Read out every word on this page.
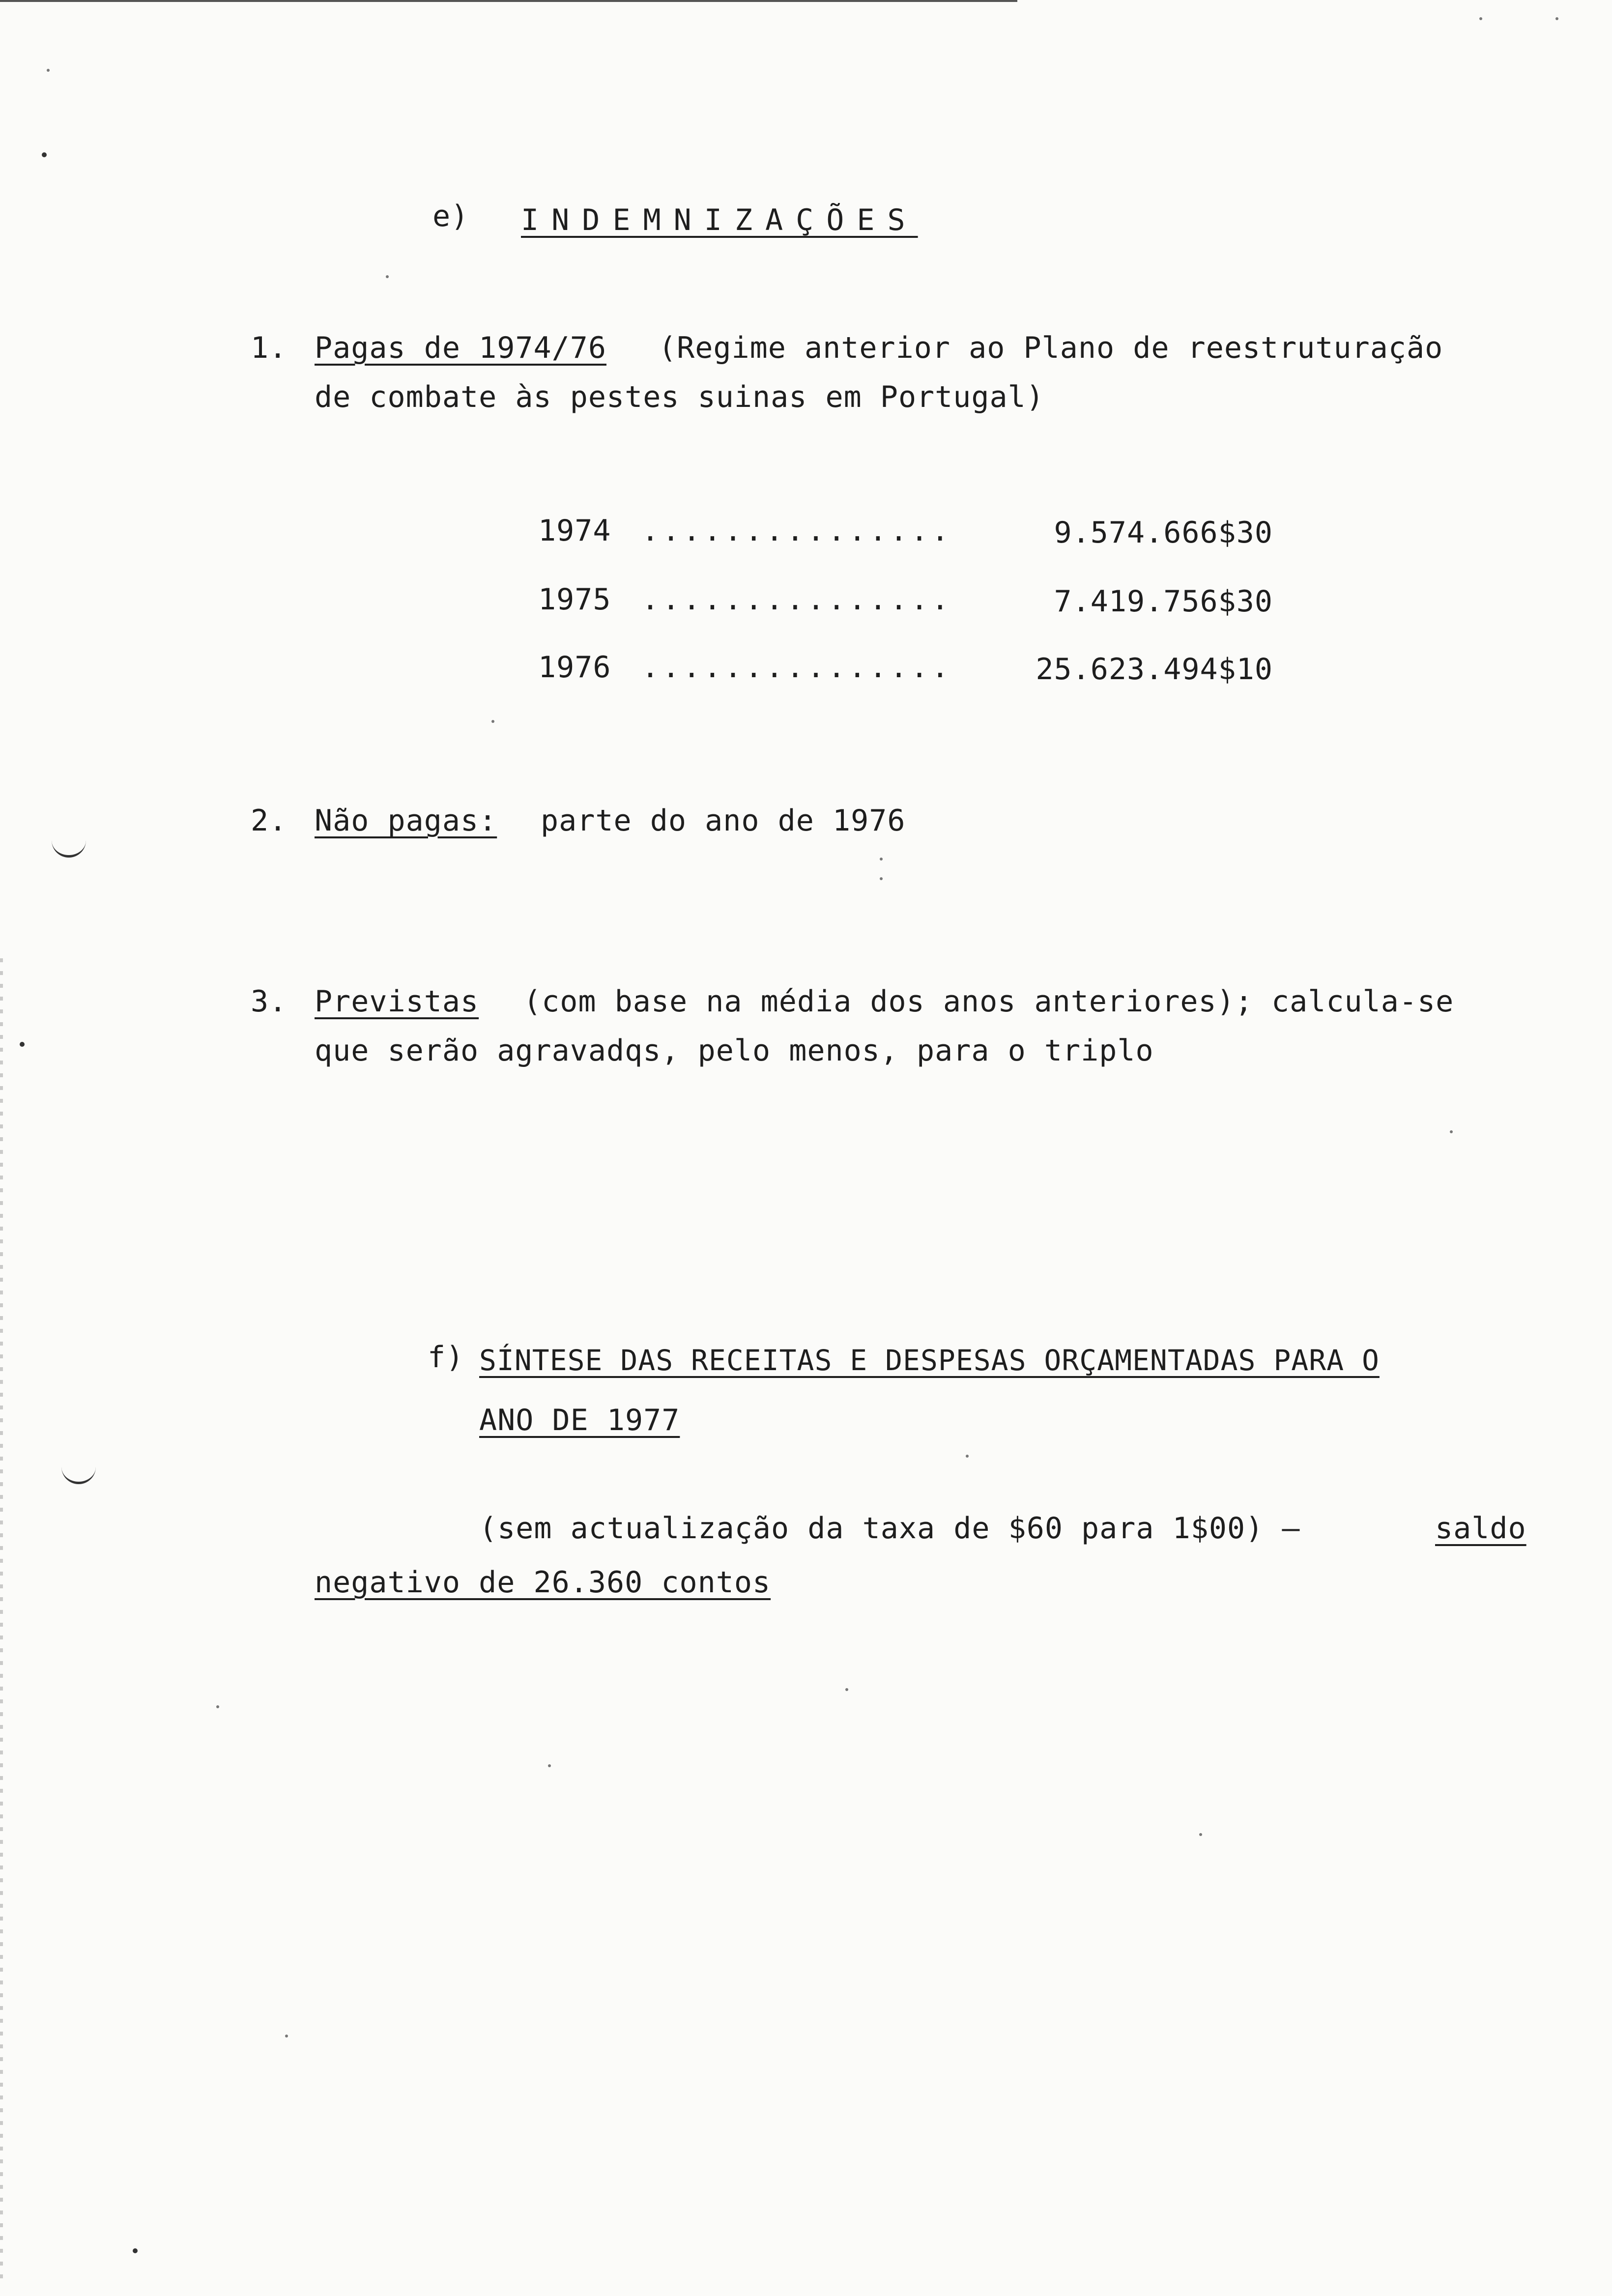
e) INDEMNIZAÇÕES
1. Pagas de 1974/76 (Regime anterior ao Plano de reestruturação
de combate às pestes suinas em Portugal)
1974 ...............	9.574.666$30
1975 ...............	7.419.756$30
1976 ...............	25.623.494$10
2. Não pagas: parte do ano de 1976
3. Previstas (com base na média dos anos anteriores); calcula-se
que serão agravadqs, pelo menos, para o triplo
f) SÍNTESE DAS RECEITAS E DESPESAS ORÇAMENTADAS PARA O
ANO DE 1977
(sem actualização da taxa de $60 para 1$00) —	saldo
negativo de 26.360 contos
